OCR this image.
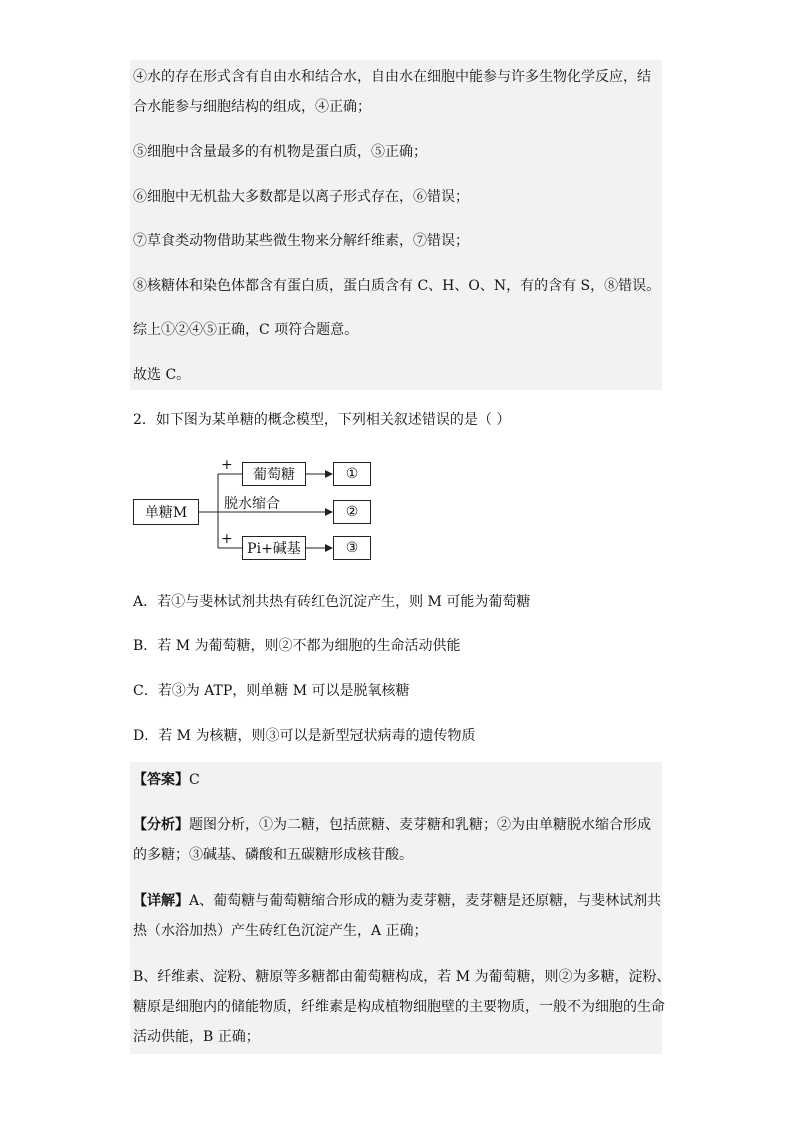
④水的存在形式含有自由水和结合水，自由水在细胞中能参与许多生物化学反应，结
合水能参与细胞结构的组成，④正确；
⑤细胞中含量最多的有机物是蛋白质，⑤正确；
⑥细胞中无机盐大多数都是以离子形式存在，⑥错误；
⑦草食类动物借助某些微生物来分解纤维素，⑦错误；
⑧核糖体和染色体都含有蛋白质，蛋白质含有 C、H、O、N，有的含有 S，⑧错误。
综上①②④⑤正确，C 项符合题意。
故选 C。
2．如下图为某单糖的概念模型，下列相关叙述错误的是（ ）
单糖M
+
葡萄糖	①
脱水缩合	②
+
Pi+碱基	③
A．若①与斐林试剂共热有砖红色沉淀产生，则 M 可能为葡萄糖
B．若 M 为葡萄糖，则②不都为细胞的生命活动供能
C．若③为 ATP，则单糖 M 可以是脱氧核糖
D．若 M 为核糖，则③可以是新型冠状病毒的遗传物质
【答案】C
【分析】题图分析，①为二糖，包括蔗糖、麦芽糖和乳糖；②为由单糖脱水缩合形成
的多糖；③碱基、磷酸和五碳糖形成核苷酸。
【详解】A、葡萄糖与葡萄糖缩合形成的糖为麦芽糖，麦芽糖是还原糖，与斐林试剂共
热（水浴加热）产生砖红色沉淀产生，A 正确；
B、纤维素、淀粉、糖原等多糖都由葡萄糖构成，若 M 为葡萄糖，则②为多糖，淀粉、
糖原是细胞内的储能物质，纤维素是构成植物细胞壁的主要物质，一般不为细胞的生命
活动供能，B 正确；
